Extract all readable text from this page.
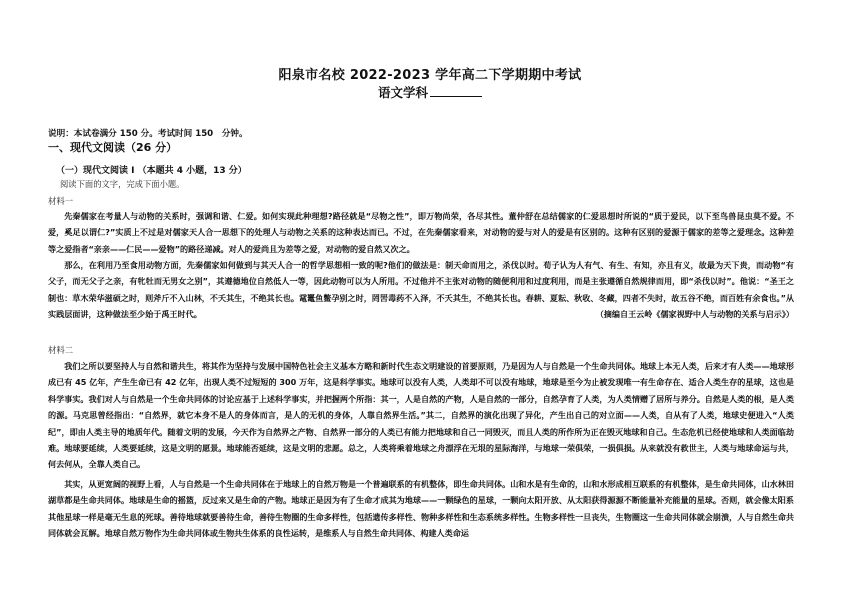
阳泉市名校 2022-2023 学年高二下学期期中考试
语文学科
说明：本试卷满分 150 分。考试时间 150　分钟。
一、现代文阅读（26 分）
（一）现代文阅读 I （本题共 4 小题，13 分）
阅读下面的文字，完成下面小题。
材料一
先秦儒家在考量人与动物的关系时，强调和谐、仁爱。如何实现此种理想?路径就是“尽物之性”，即万物尚荣，各尽其性。董仲舒在总结儒家的仁爱思想时所说的“质于爱民，以下至鸟兽昆虫莫不爱。不爱，奚足以谓仁?”实质上不过是对儒家天人合一思想下的处理人与动物之关系的这种表达而已。不过，在先秦儒家看来，对动物的爱与对人的爱是有区别的。这种有区别的爱源于儒家的差等之爱理念。这种差等之爱指者“亲亲——仁民——爱物”的路径递减。对人的爱尚且为差等之爱，对动物的爱自然又次之。
那么，在利用乃至食用动物方面，先秦儒家如何做到与其天人合一的哲学思想相一致的呢?他们的做法是：制天命而用之，杀伐以时。荀子认为人有气、有生、有知，亦且有义，故最为天下贵，而动物“有父子，而无父子之亲，有牝牡而无男女之别”，其遵德地位自然低人一等，因此动物可以为人所用。不过他并不主张对动物的随便利用和过度利用，而是主张遵循自然规律而用，即“杀伐以时”。他说：“圣王之制也：草木荣华滋硕之时，则斧斤不入山林，不夭其生，不绝其长也。鼋鼍鱼鳖孕别之时，罔罟毒药不入泽，不夭其生，不绝其长也。春耕、夏耘、秋收、冬藏，四者不失时，故五谷不绝，而百姓有余食也。”从实践层面讲，这种做法至少始于禹王时代。	（摘编自王云岭《儒家视野中人与动物的关系与启示》）
材料二
我们之所以要坚持人与自然和谐共生，将其作为坚持与发展中国特色社会主义基本方略和新时代生态文明建设的首要原则，乃是因为人与自然是一个生命共同体。地球上本无人类，后来才有人类——地球形成已有 45 亿年，产生生命已有 42 亿年，出现人类不过短短的 300 万年，这是科学事实。地球可以没有人类，人类却不可以没有地球，地球是至今为止被发现唯一有生命存在、适合人类生存的星球，这也是科学事实。我们对人与自然是一个生命共同体的讨论应基于上述科学事实，并把握两个所指：其一，人是自然的产物，人是自然的一部分，自然孕育了人类，为人类情赠了居所与养分。自然是人类的根，是人类的源。马克思曾经指出：“自然界，就它本身不是人的身体而言，是人的无机的身体，人靠自然界生活。”其二，自然界的演化出现了异化，产生出自己的对立面——人类，自从有了人类，地球史便进入“人类纪”，即由人类主导的地质年代。随着文明的发展，今天作为自然界之产物、自然界一部分的人类已有能力把地球和自己一同毁灭，而且人类的所作所为正在毁灭地球和自己。生态危机已经使地球和人类面临劫难。地球要延续，人类要延续，这是文明的愿景。地球能否延续，这是文明的悲愿。总之，人类将乘着地球之舟漂浮在无垠的星际海洋，与地球一荣俱荣，一损俱损。从来就没有救世主，人类与地球命运与共，何去何从，全靠人类自己。
其实，从更宽阔的视野上看，人与自然是一个生命共同体在于地球上的自然万物是一个普遍联系的有机整体，即生命共同体。山和水是有生命的，山和水形成相互联系的有机整体，是生命共同体，山水林田湖草都是生命共同体。地球是生命的摇篮，反过来又是生命的产物。地球正是因为有了生命才成其为地球——一颗绿色的星球，一颗向太阳开放、从太阳获得源源不断能量补充能量的星球。否则，就会像太阳系其他星球一样是毫无生息的死球。善待地球就要善待生命，善待生物圈的生命多样性，包括遗传多样性、物种多样性和生态系统多样性。生物多样性一旦丧失，生物圈这一生命共同体就会崩溃，人与自然生命共同体就会瓦解。地球自然万物作为生命共同体或生物共生体系的良性运转，是维系人与自然生命共同体、构建人类命运
